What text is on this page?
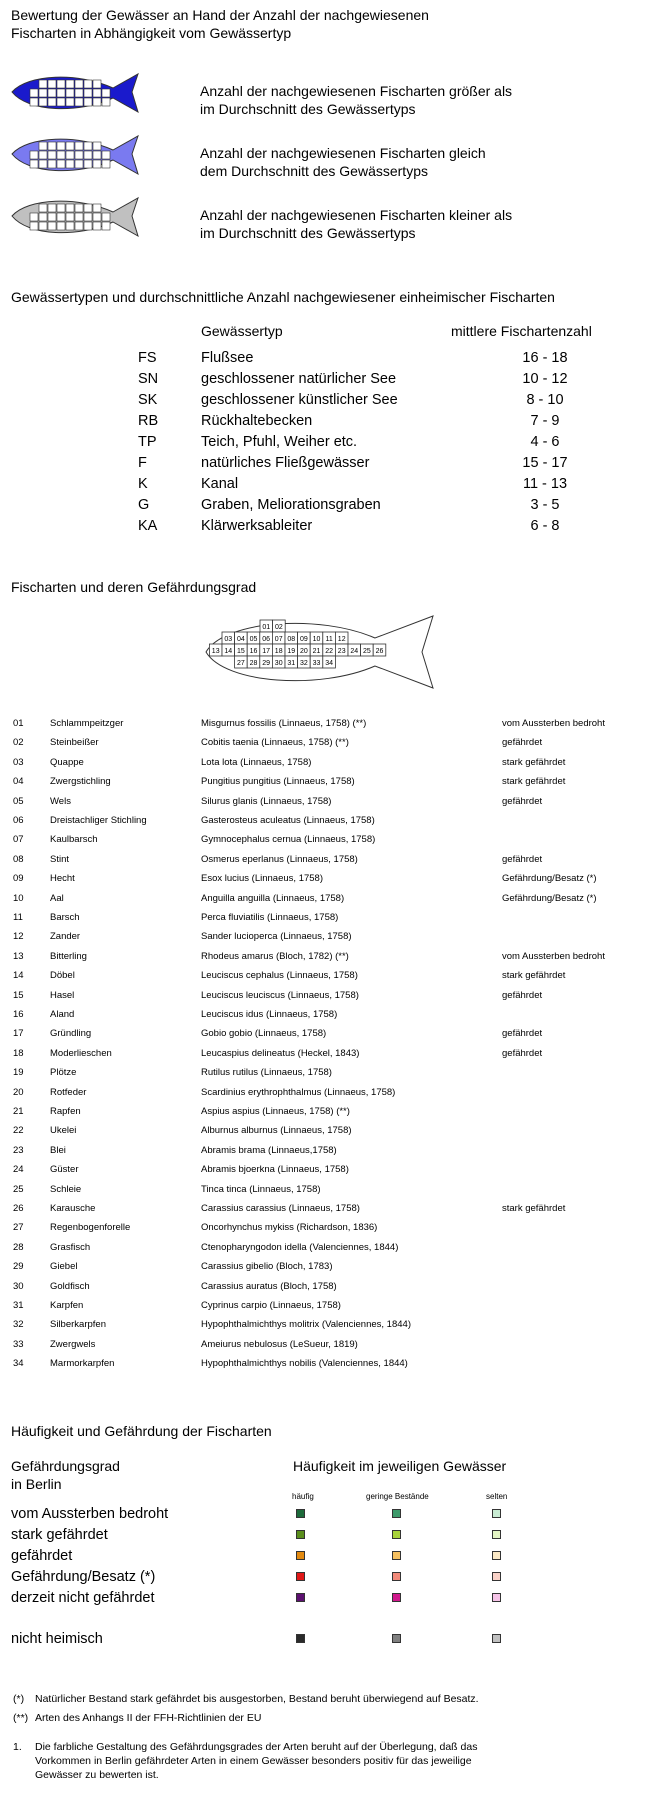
Bewertung der Gewässer an Hand der Anzahl der nachgewiesenen
Fischarten in Abhängigkeit vom Gewässertyp
Anzahl der nachgewiesenen Fischarten größer als
im Durchschnitt des Gewässertyps
Anzahl der nachgewiesenen Fischarten gleich
dem Durchschnitt des Gewässertyps
Anzahl der nachgewiesenen Fischarten kleiner als
im Durchschnitt des Gewässertyps
Gewässertypen und durchschnittliche Anzahl nachgewiesener einheimischer Fischarten
Gewässertyp	mittlere Fischartenzahl
FS	Flußsee	16 - 18
SN	geschlossener natürlicher See	10 - 12
SK	geschlossener künstlicher See	8 - 10
RB	Rückhaltebecken	7 - 9
TP	Teich, Pfuhl, Weiher etc.	4 - 6
F	natürliches Fließgewässer	15 - 17
K	Kanal	11 - 13
G	Graben, Meliorationsgraben	3 - 5
KA	Klärwerksableiter	6 - 8
Fischarten und deren Gefährdungsgrad
01 02
03 04 05 06 07 08 09 10 11 12
13 14 15 16 17 18 19 20 21 22 23 24 25 26
27 28 29 30 31 32 33 34
01	Schlammpeitzger	Misgurnus fossilis (Linnaeus, 1758) (**)	vom Aussterben bedroht
02	Steinbeißer	Cobitis taenia (Linnaeus, 1758) (**)	gefährdet
03	Quappe	Lota lota (Linnaeus, 1758)	stark gefährdet
04	Zwergstichling	Pungitius pungitius (Linnaeus, 1758)	stark gefährdet
05	Wels	Silurus glanis (Linnaeus, 1758)	gefährdet
06	Dreistachliger Stichling	Gasterosteus aculeatus (Linnaeus, 1758)
07	Kaulbarsch	Gymnocephalus cernua (Linnaeus, 1758)
08	Stint	Osmerus eperlanus (Linnaeus, 1758)	gefährdet
09	Hecht	Esox lucius (Linnaeus, 1758)	Gefährdung/Besatz (*)
10	Aal	Anguilla anguilla (Linnaeus, 1758)	Gefährdung/Besatz (*)
11	Barsch	Perca fluviatilis (Linnaeus, 1758)
12	Zander	Sander lucioperca (Linnaeus, 1758)
13	Bitterling	Rhodeus amarus (Bloch, 1782) (**)	vom Aussterben bedroht
14	Döbel	Leuciscus cephalus (Linnaeus, 1758)	stark gefährdet
15	Hasel	Leuciscus leuciscus (Linnaeus, 1758)	gefährdet
16	Aland	Leuciscus idus (Linnaeus, 1758)
17	Gründling	Gobio gobio (Linnaeus, 1758)	gefährdet
18	Moderlieschen	Leucaspius delineatus (Heckel, 1843)	gefährdet
19	Plötze	Rutilus rutilus (Linnaeus, 1758)
20	Rotfeder	Scardinius erythrophthalmus (Linnaeus, 1758)
21	Rapfen	Aspius aspius (Linnaeus, 1758) (**)
22	Ukelei	Alburnus alburnus (Linnaeus, 1758)
23	Blei	Abramis brama (Linnaeus,1758)
24	Güster	Abramis bjoerkna (Linnaeus, 1758)
25	Schleie	Tinca tinca (Linnaeus, 1758)
26	Karausche	Carassius carassius (Linnaeus, 1758)	stark gefährdet
27	Regenbogenforelle	Oncorhynchus mykiss (Richardson, 1836)
28	Grasfisch	Ctenopharyngodon idella (Valenciennes, 1844)
29	Giebel	Carassius gibelio (Bloch, 1783)
30	Goldfisch	Carassius auratus (Bloch, 1758)
31	Karpfen	Cyprinus carpio (Linnaeus, 1758)
32	Silberkarpfen	Hypophthalmichthys molitrix (Valenciennes, 1844)
33	Zwergwels	Ameiurus nebulosus (LeSueur, 1819)
34	Marmorkarpfen	Hypophthalmichthys nobilis (Valenciennes, 1844)
Häufigkeit und Gefährdung der Fischarten
Gefährdungsgrad
in Berlin
Häufigkeit im jeweiligen Gewässer
häufig	geringe Bestände	selten
vom Aussterben bedroht
stark gefährdet
gefährdet
Gefährdung/Besatz (*)
derzeit nicht gefährdet
nicht heimisch
(*) Natürlicher Bestand stark gefährdet bis ausgestorben, Bestand beruht überwiegend auf Besatz.
(**) Arten des Anhangs II der FFH-Richtlinien der EU
1. Die farbliche Gestaltung des Gefährdungsgrades der Arten beruht auf der Überlegung, daß das
Vorkommen in Berlin gefährdeter Arten in einem Gewässer besonders positiv für das jeweilige
Gewässer zu bewerten ist.
